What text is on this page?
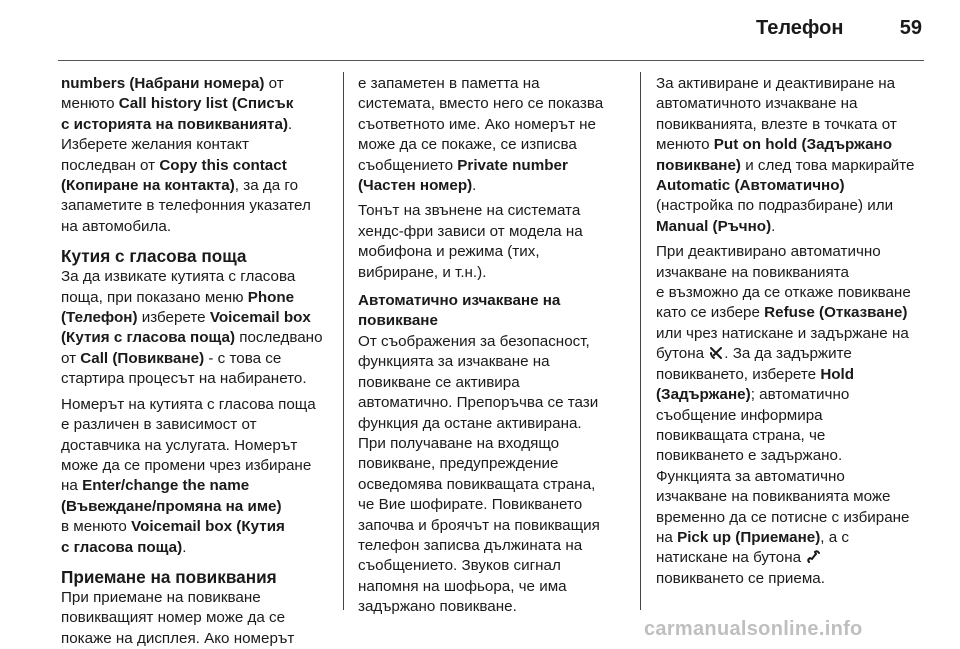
Телефон	59
numbers (Набрани номера) от
менюто Call history list (Списък
с историята на повикванията).
Изберете желания контакт
последван от Copy this contact
(Копиране на контакта), за да го
запаметите в телефонния указател
на автомобила.
Кутия с гласова поща
За да извикате кутията с гласова
поща, при показано меню Phone
(Телефон) изберете Voicemail box
(Кутия с гласова поща) последвано
от Call (Повикване) - с това се
стартира процесът на набирането.
Номерът на кутията с гласова поща
е различен в зависимост от
доставчика на услугата. Номерът
може да се промени чрез избиране
на Enter/change the name
(Въвеждане/промяна на име)
в менюто Voicemail box (Кутия
с гласова поща).
Приемане на повиквания
При приемане на повикване
повикващият номер може да се
покаже на дисплея. Ако номерът
е запаметен в паметта на
системата, вместо него се показва
съответното име. Ако номерът не
може да се покаже, се изписва
съобщението Private number
(Частен номер).
Тонът на звънене на системата
хендс-фри зависи от модела на
мобифона и режима (тих,
вибриране, и т.н.).
Автоматично изчакване на
повикване
От съображения за безопасност,
функцията за изчакване на
повикване се активира
автоматично. Препоръчва се тази
функция да остане активирана.
При получаване на входящо
повикване, предупреждение
осведомява повикващата страна,
че Вие шофирате. Повикването
започва и броячът на повикващия
телефон записва дължината на
съобщението. Звуков сигнал
напомня на шофьора, че има
задържано повикване.
За активиране и деактивиране на
автоматичното изчакване на
повикванията, влезте в точката от
менюто Put on hold (Задържано
повикване) и след това маркирайте
Automatic (Автоматично)
(настройка по подразбиране) или
Manual (Ръчно).
При деактивирано автоматично
изчакване на повикванията
е възможно да се откаже повикване
като се избере Refuse (Отказване)
или чрез натискане и задържане на
бутона . За да задържите
повикването, изберете Hold
(Задържане); автоматично
съобщение информира
повикващата страна, че
повикването е задържано.
Функцията за автоматично
изчакване на повикванията може
временно да се потисне с избиране
на Pick up (Приемане), а с
натискане на бутона
повикването се приема.
carmanualsonline.info
